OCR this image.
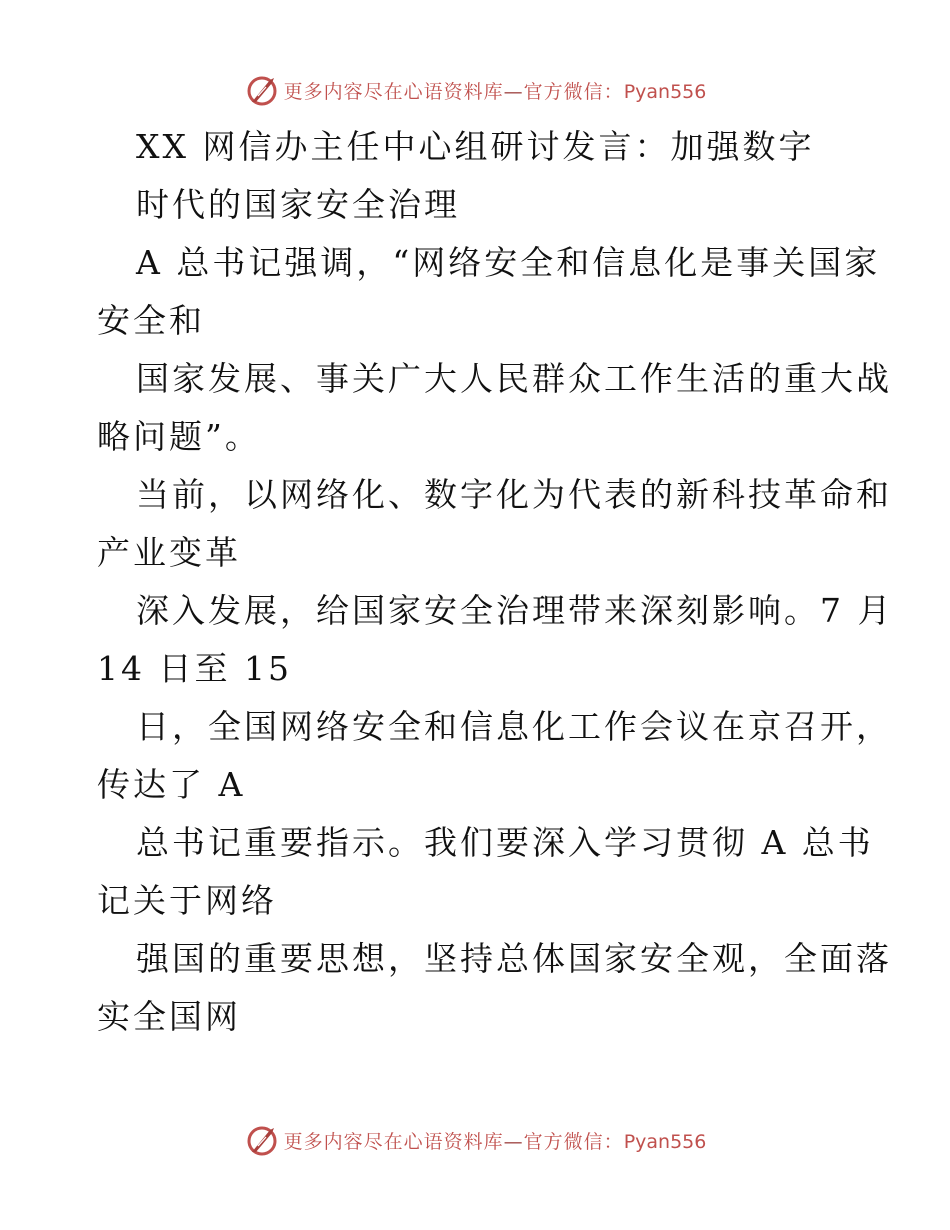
更多内容尽在心语资料库—官方微信：Pyan556
XX 网信办主任中心组研讨发言：加强数字
时代的国家安全治理
A 总书记强调，“网络安全和信息化是事关国家
安全和
国家发展、事关广大人民群众工作生活的重大战
略问题”。
当前，以网络化、数字化为代表的新科技革命和
产业变革
深入发展，给国家安全治理带来深刻影响。7 月
14 日至 15
日，全国网络安全和信息化工作会议在京召开，
传达了 A
总书记重要指示。我们要深入学习贯彻 A 总书
记关于网络
强国的重要思想，坚持总体国家安全观，全面落
实全国网
更多内容尽在心语资料库—官方微信：Pyan556
